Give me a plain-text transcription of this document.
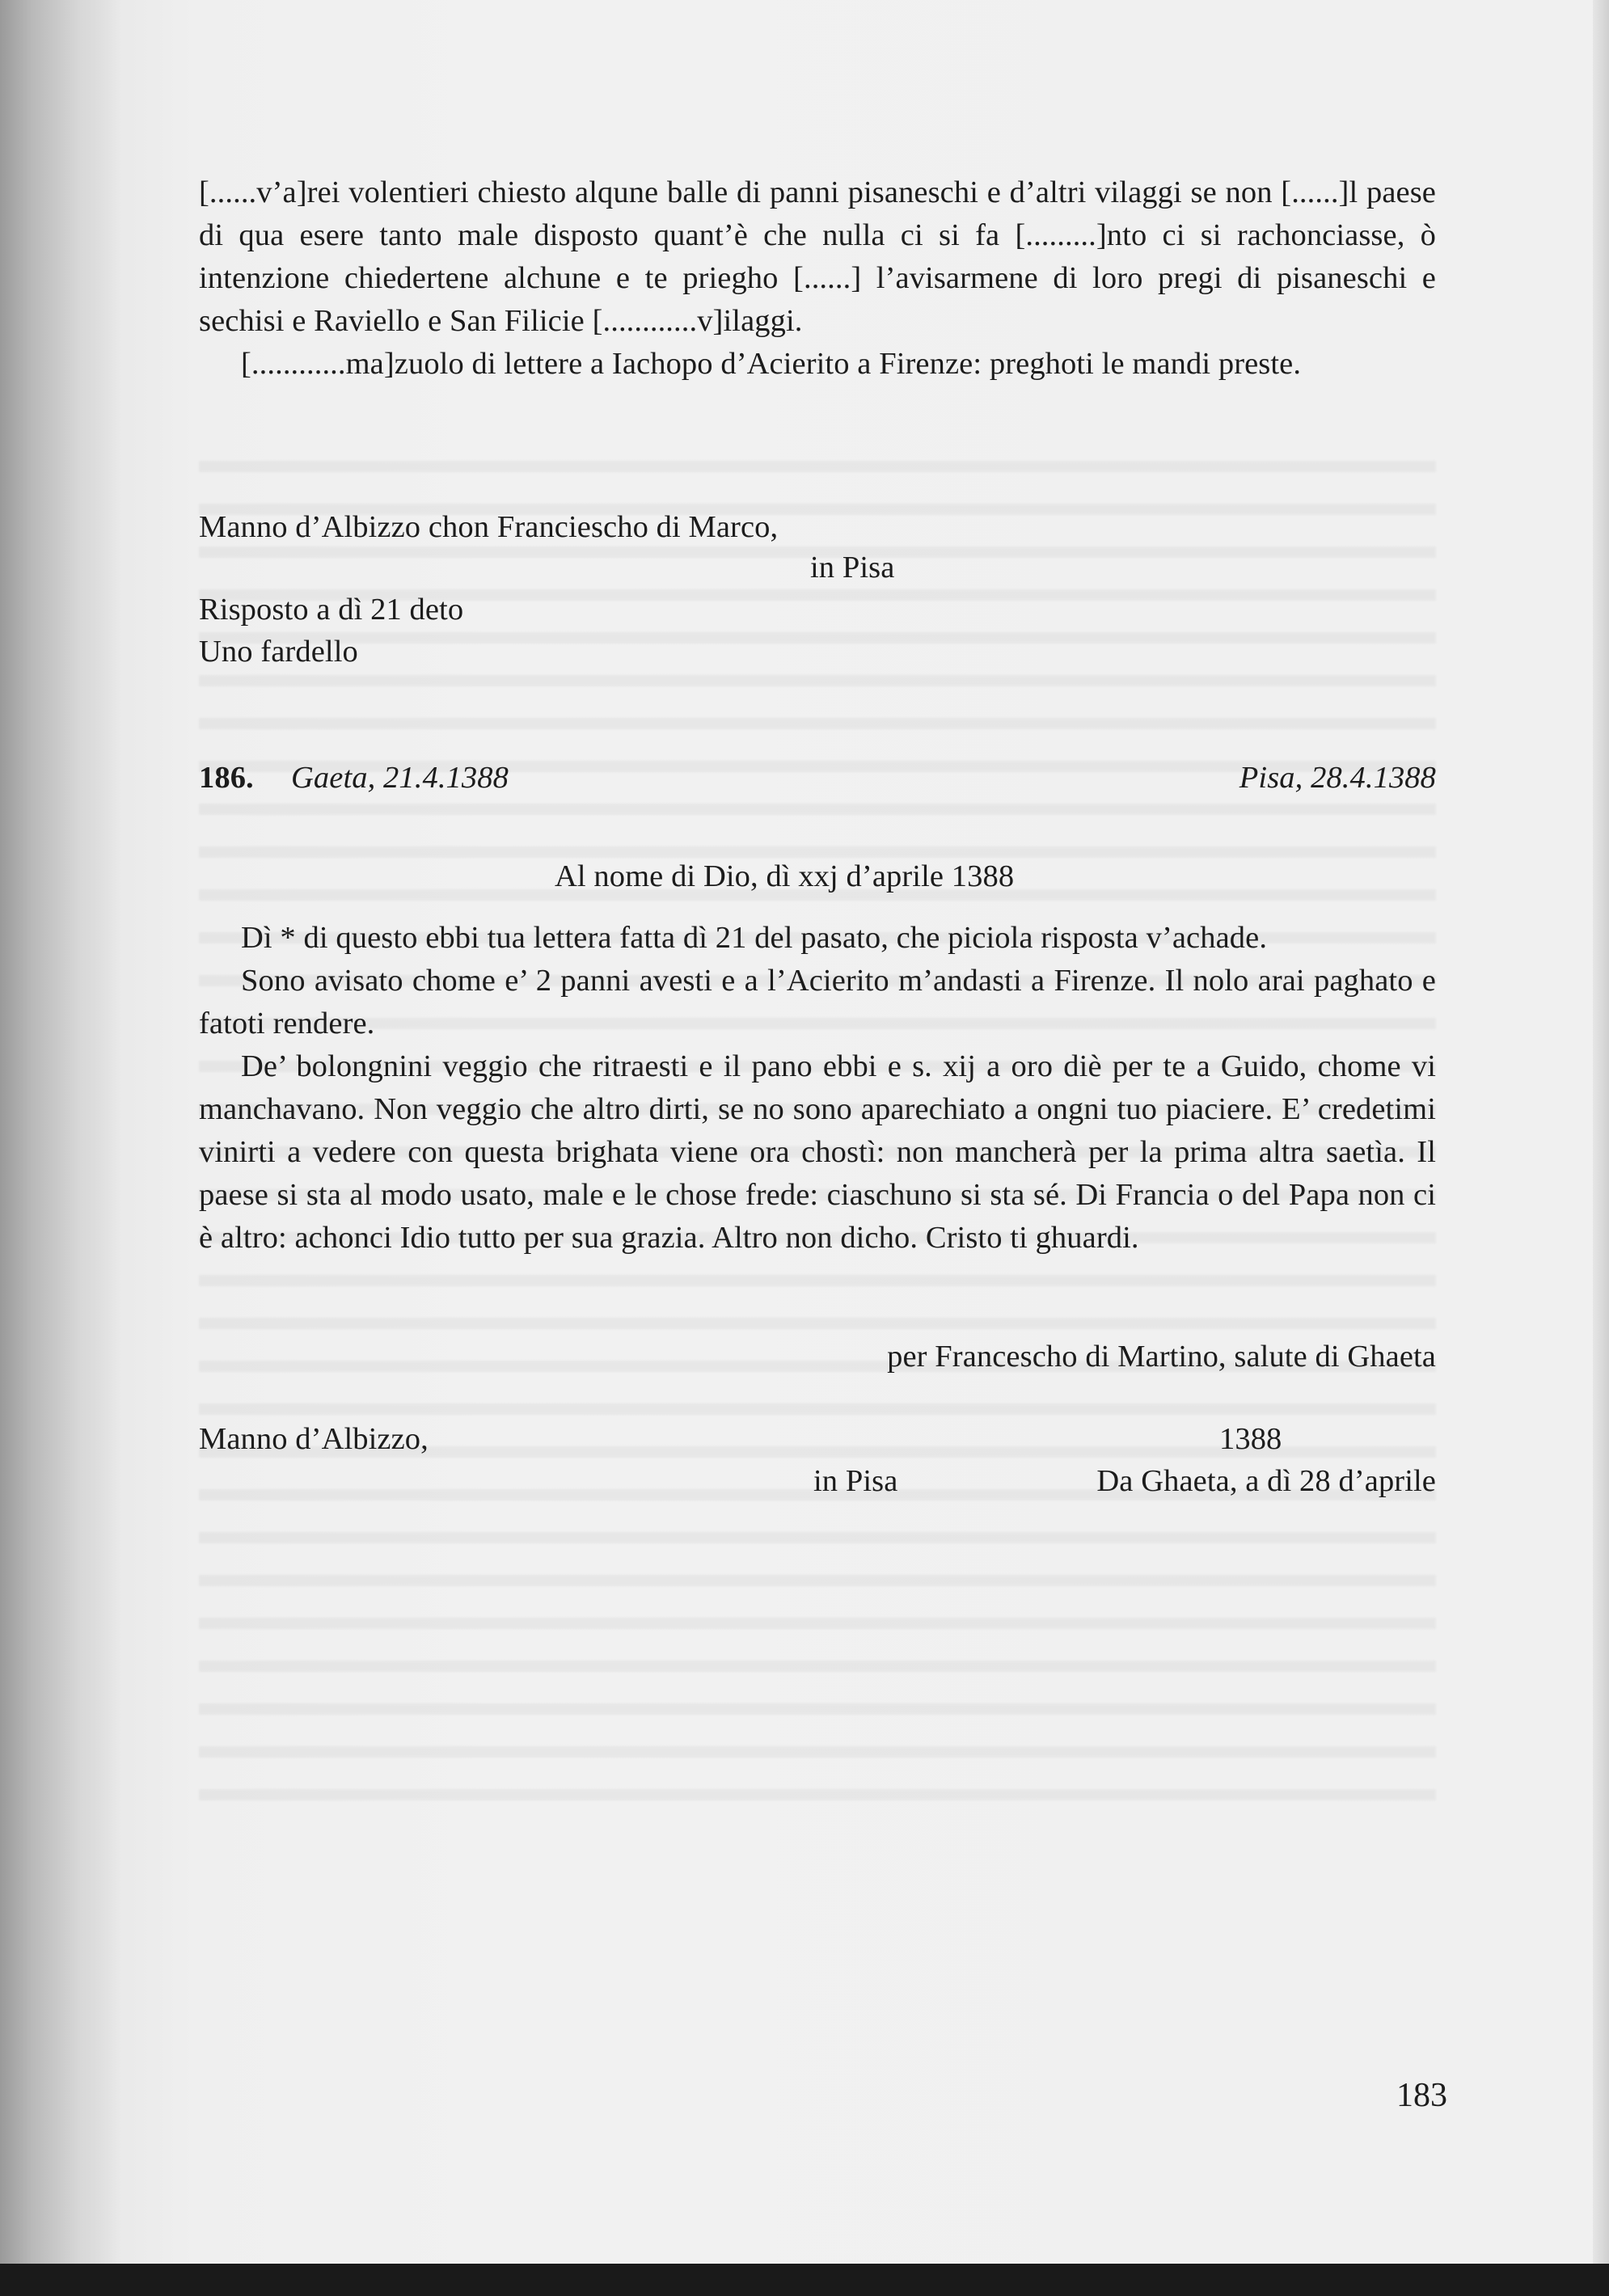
[......v’a]rei volentieri chiesto alqune balle di panni pisaneschi e d’altri vilaggi se non [......]l paese di qua esere tanto male disposto quant’è che nulla ci si fa [.........]nto ci si rachonciasse, ò intenzione chiedertene alchune e te priegho [......] l’avisarmene di loro pregi di pisaneschi e sechisi e Raviello e San Filicie [............v]ilaggi.

[............ma]zuolo di lettere a Iachopo d’Acierito a Firenze: preghoti le mandi preste.

Manno d’Albizzo chon Franciescho di Marco,
in Pisa
Risposto a dì 21 deto
Uno fardello
186. Gaeta, 21.4.1388	Pisa, 28.4.1388
Al nome di Dio, dì xxj d’aprile 1388

Dì * di questo ebbi tua lettera fatta dì 21 del pasato, che piciola risposta v’achade.

Sono avisato chome e’ 2 panni avesti e a l’Acierito m’andasti a Firenze. Il nolo arai paghato e fatoti rendere.

De’ bolongnini veggio che ritraesti e il pano ebbi e s. xij a oro diè per te a Guido, chome vi manchavano. Non veggio che altro dirti, se no sono aparechiato a ongni tuo piaciere. E’ credetimi vinirti a vedere con questa brighata viene ora chostì: non mancherà per la prima altra saetìa. Il paese si sta al modo usato, male e le chose frede: ciaschuno si sta sé. Di Francia o del Papa non ci è altro: achonci Idio tutto per sua grazia. Altro non dicho. Cristo ti ghuardi.

per Francescho di Martino, salute di Ghaeta
Manno d’Albizzo,
in Pisa
1388
Da Ghaeta, a dì 28 d’aprile
183
